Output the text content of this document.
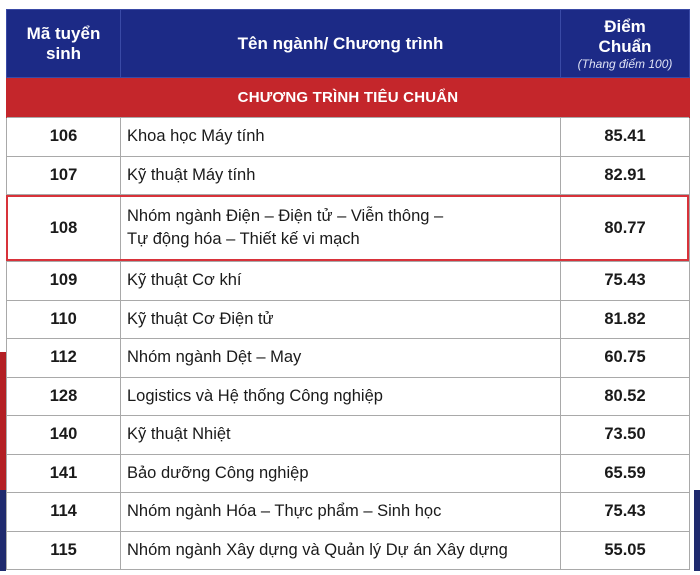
Mã tuyển sinh	Tên ngành/ Chương trình	Điểm Chuẩn
(Thang điểm 100)

CHƯƠNG TRÌNH TIÊU CHUẨN		
106	Khoa học Máy tính	85.41
107	Kỹ thuật Máy tính	82.91
108	Nhóm ngành Điện – Điện tử – Viễn thông –
Tự động hóa – Thiết kế vi mạch	80.77
109	Kỹ thuật Cơ khí	75.43
110	Kỹ thuật Cơ Điện tử	81.82
112	Nhóm ngành Dệt – May	60.75
128	Logistics và Hệ thống Công nghiệp	80.52
140	Kỹ thuật Nhiệt	73.50
141	Bảo dưỡng Công nghiệp	65.59
114	Nhóm ngành Hóa – Thực phẩm – Sinh học	75.43
115	Nhóm ngành Xây dựng và Quản lý Dự án Xây dựng	55.05
